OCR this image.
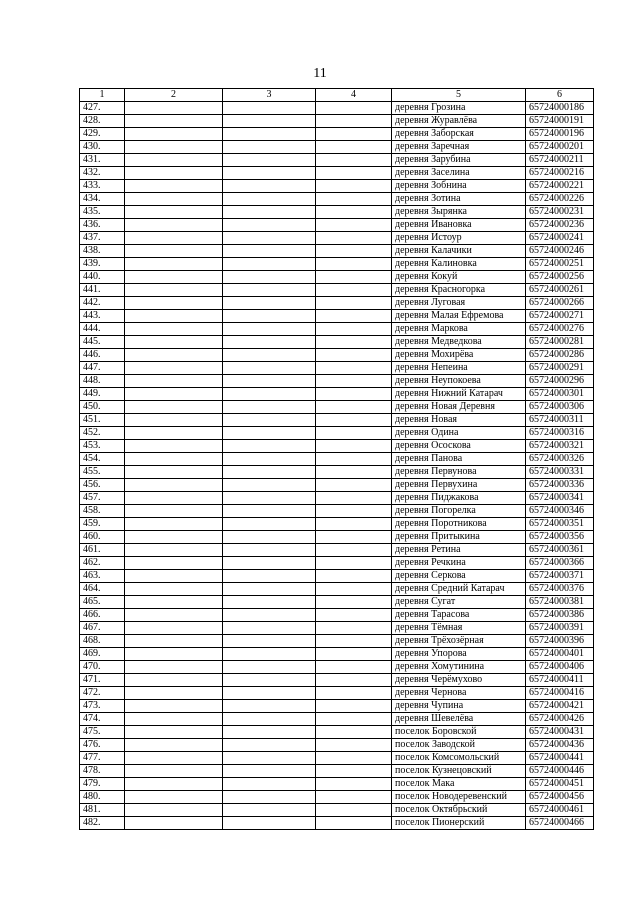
11
1	2	3	4	5	6
427.				деревня Грозина	65724000186
428.				деревня Журавлёва	65724000191
429.				деревня Заборская	65724000196
430.				деревня Заречная	65724000201
431.				деревня Зарубина	65724000211
432.				деревня Заселина	65724000216
433.				деревня Зобнина	65724000221
434.				деревня Зотина	65724000226
435.				деревня Зырянка	65724000231
436.				деревня Ивановка	65724000236
437.				деревня Истоур	65724000241
438.				деревня Калачики	65724000246
439.				деревня Калиновка	65724000251
440.				деревня Кокуй	65724000256
441.				деревня Красногорка	65724000261
442.				деревня Луговая	65724000266
443.				деревня Малая Ефремова	65724000271
444.				деревня Маркова	65724000276
445.				деревня Медведкова	65724000281
446.				деревня Мохирёва	65724000286
447.				деревня Непеина	65724000291
448.				деревня Неупокоева	65724000296
449.				деревня Нижний Катарач	65724000301
450.				деревня Новая Деревня	65724000306
451.				деревня Новая	65724000311
452.				деревня Одина	65724000316
453.				деревня Ососкова	65724000321
454.				деревня Панова	65724000326
455.				деревня Первунова	65724000331
456.				деревня Первухина	65724000336
457.				деревня Пиджакова	65724000341
458.				деревня Погорелка	65724000346
459.				деревня Поротникова	65724000351
460.				деревня Притыкина	65724000356
461.				деревня Ретина	65724000361
462.				деревня Речкина	65724000366
463.				деревня Серкова	65724000371
464.				деревня Средний Катарач	65724000376
465.				деревня Сугат	65724000381
466.				деревня Тарасова	65724000386
467.				деревня Тёмная	65724000391
468.				деревня Трёхозёрная	65724000396
469.				деревня Упорова	65724000401
470.				деревня Хомутинина	65724000406
471.				деревня Черёмухово	65724000411
472.				деревня Чернова	65724000416
473.				деревня Чупина	65724000421
474.				деревня Шевелёва	65724000426
475.				поселок Боровской	65724000431
476.				поселок Заводской	65724000436
477.				поселок Комсомольский	65724000441
478.				поселок Кузнецовский	65724000446
479.				поселок Мака	65724000451
480.				поселок Новодеревенский	65724000456
481.				поселок Октябрьский	65724000461
482.				поселок Пионерский	65724000466
